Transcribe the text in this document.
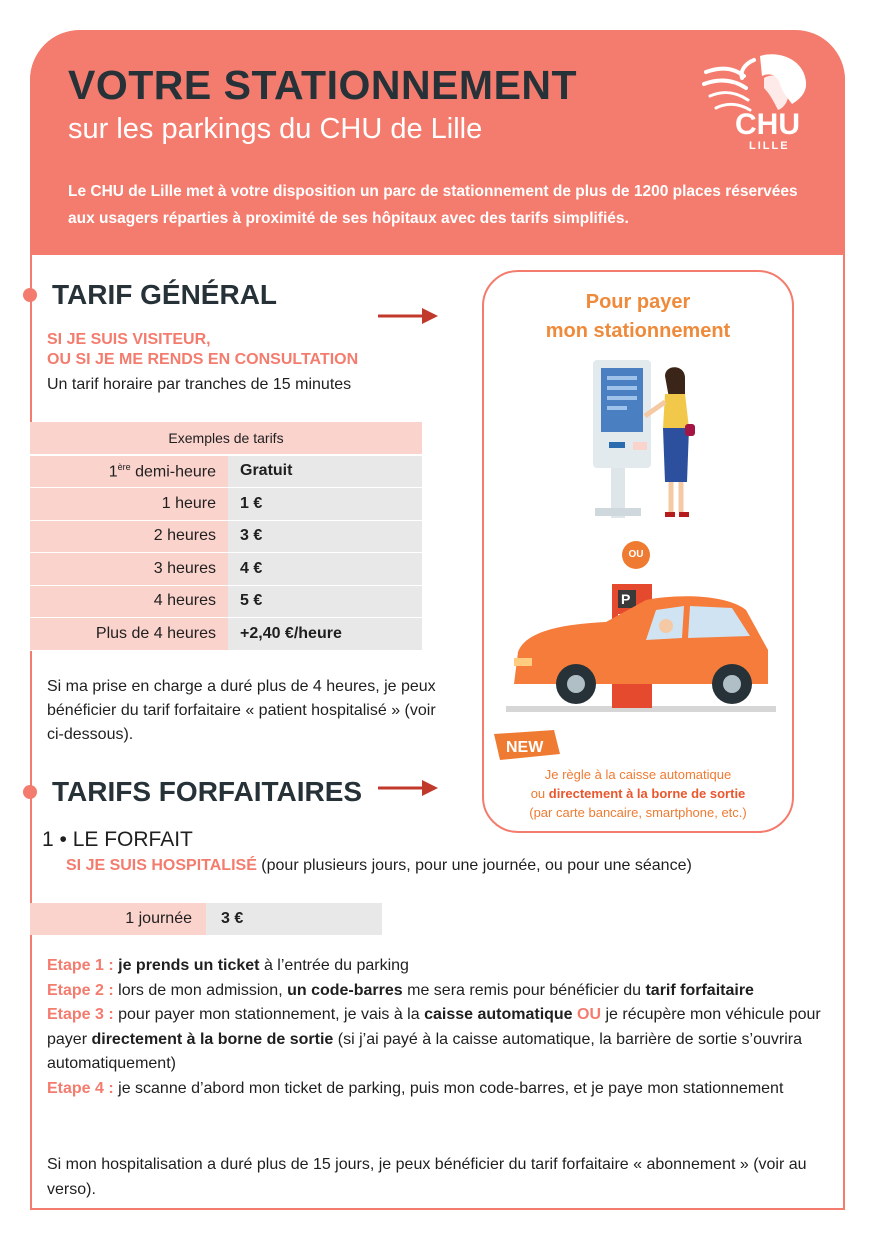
VOTRE STATIONNEMENT
sur les parkings du CHU de Lille	CHU
LILLE
Le CHU de Lille met à votre disposition un parc de stationnement de plus de 1200 places réservées aux usagers réparties à proximité de ses hôpitaux avec des tarifs simplifiés.
TARIF GÉNÉRAL
SI JE SUIS VISITEUR,
OU SI JE ME RENDS EN CONSULTATION
Un tarif horaire par tranches de 15 minutes
Exemples de tarifs	
1ère demi-heure	Gratuit
1 heure	1 €
2 heures	3 €
3 heures	4 €
4 heures	5 €
Plus de 4 heures	+2,40 €/heure
Si ma prise en charge a duré plus de 4 heures, je peux bénéficier du tarif forfaitaire « patient hospitalisé » (voir ci-dessous).
Pour payer
mon stationnement
OU
P
NEW
Je règle à la caisse automatique
ou directement à la borne de sortie
(par carte bancaire, smartphone, etc.)
TARIFS FORFAITAIRES
1 • LE FORFAIT
SI JE SUIS HOSPITALISÉ (pour plusieurs jours, pour une journée, ou pour une séance)
1 journée	3 €
Etape 1 : je prends un ticket à l’entrée du parking
Etape 2 : lors de mon admission, un code-barres me sera remis pour bénéficier du tarif forfaitaire
Etape 3 : pour payer mon stationnement, je vais à la caisse automatique OU je récupère mon véhicule pour payer directement à la borne de sortie (si j’ai payé à la caisse automatique, la barrière de sortie s’ouvrira automatiquement)
Etape 4 : je scanne d’abord mon ticket de parking, puis mon code-barres, et je paye mon stationnement
Si mon hospitalisation a duré plus de 15 jours, je peux bénéficier du tarif forfaitaire « abonnement » (voir au verso).
